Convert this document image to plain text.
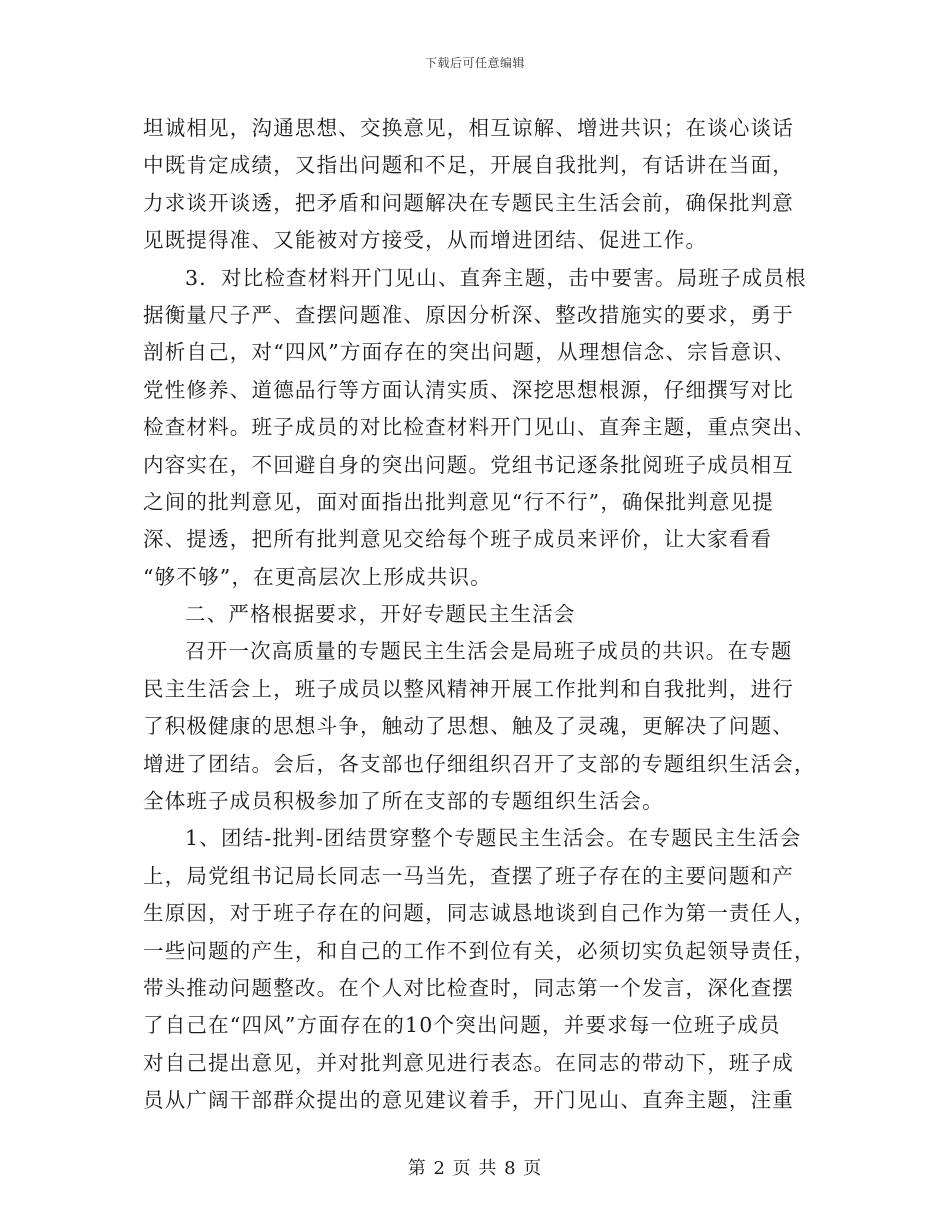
下载后可任意编辑
坦诚相见，沟通思想、交换意见，相互谅解、增进共识；在谈心谈话
中既肯定成绩，又指出问题和不足，开展自我批判，有话讲在当面，
力求谈开谈透，把矛盾和问题解决在专题民主生活会前，确保批判意
见既提得准、又能被对方接受，从而增进团结、促进工作。
3．对比检查材料开门见山、直奔主题，击中要害。局班子成员根
据衡量尺子严、查摆问题准、原因分析深、整改措施实的要求，勇于
剖析自己，对“四风”方面存在的突出问题，从理想信念、宗旨意识、
党性修养、道德品行等方面认清实质、深挖思想根源，仔细撰写对比
检查材料。班子成员的对比检查材料开门见山、直奔主题，重点突出、
内容实在，不回避自身的突出问题。党组书记逐条批阅班子成员相互
之间的批判意见，面对面指出批判意见“行不行”，确保批判意见提
深、提透，把所有批判意见交给每个班子成员来评价，让大家看看
“够不够”，在更高层次上形成共识。
二、严格根据要求，开好专题民主生活会
召开一次高质量的专题民主生活会是局班子成员的共识。在专题
民主生活会上，班子成员以整风精神开展工作批判和自我批判，进行
了积极健康的思想斗争，触动了思想、触及了灵魂，更解决了问题、
增进了团结。会后，各支部也仔细组织召开了支部的专题组织生活会，
全体班子成员积极参加了所在支部的专题组织生活会。
1、团结-批判-团结贯穿整个专题民主生活会。在专题民主生活会
上，局党组书记局长同志一马当先，查摆了班子存在的主要问题和产
生原因，对于班子存在的问题，同志诚恳地谈到自己作为第一责任人，
一些问题的产生，和自己的工作不到位有关，必须切实负起领导责任，
带头推动问题整改。在个人对比检查时，同志第一个发言，深化查摆
了自己在“四风”方面存在的10个突出问题，并要求每一位班子成员
对自己提出意见，并对批判意见进行表态。在同志的带动下，班子成
员从广阔干部群众提出的意见建议着手，开门见山、直奔主题，注重
第 2 页 共 8 页
